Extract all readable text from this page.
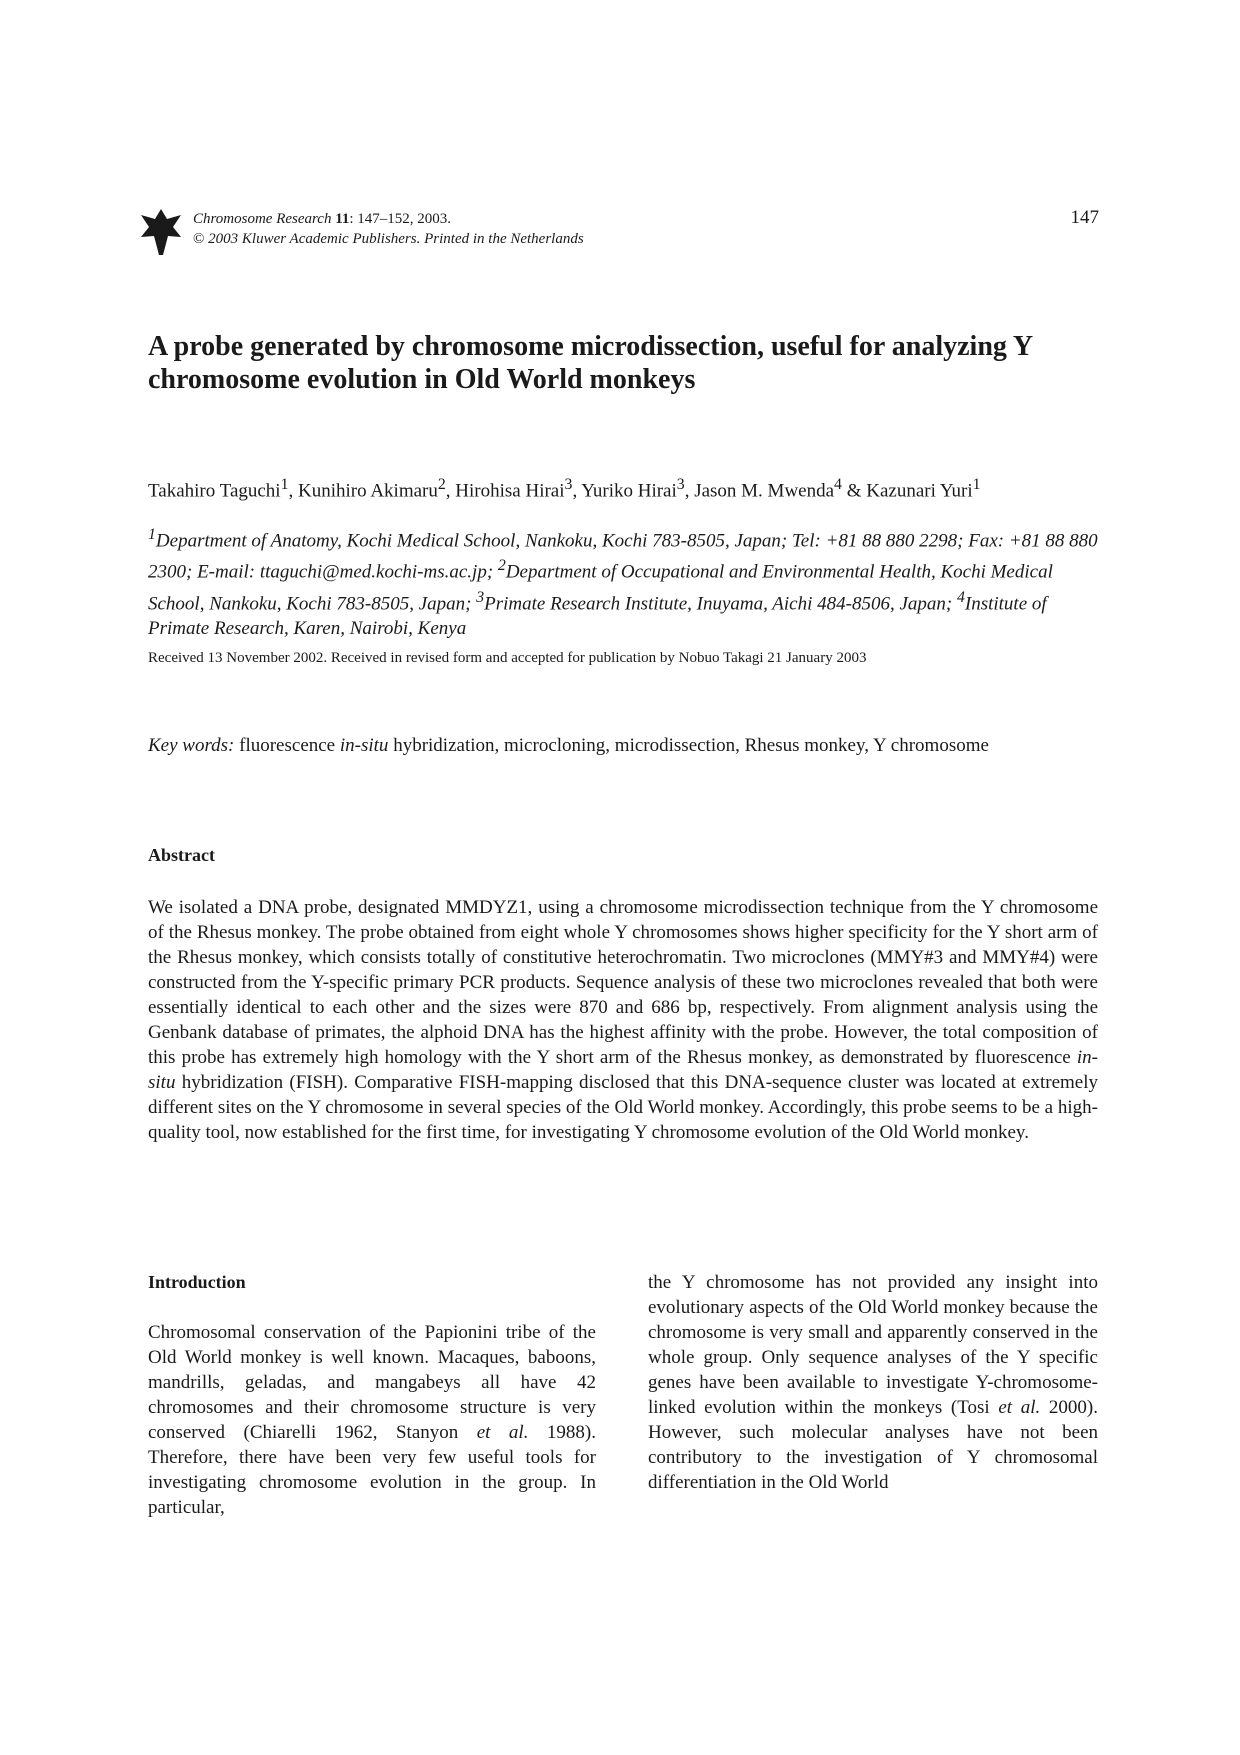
Chromosome Research 11: 147–152, 2003.
© 2003 Kluwer Academic Publishers. Printed in the Netherlands
147
A probe generated by chromosome microdissection, useful for analyzing Y chromosome evolution in Old World monkeys
Takahiro Taguchi$^1$, Kunihiro Akimaru$^2$, Hirohisa Hirai$^3$, Yuriko Hirai$^3$, Jason M. Mwenda$^4$ & Kazunari Yuri$^1$
$^1$Department of Anatomy, Kochi Medical School, Nankoku, Kochi 783-8505, Japan; Tel: +81 88 880 2298; Fax: +81 88 880 2300; E-mail: ttaguchi@med.kochi-ms.ac.jp; $^2$Department of Occupational and Environmental Health, Kochi Medical School, Nankoku, Kochi 783-8505, Japan; $^3$Primate Research Institute, Inuyama, Aichi 484-8506, Japan; $^4$Institute of Primate Research, Karen, Nairobi, Kenya
Received 13 November 2002. Received in revised form and accepted for publication by Nobuo Takagi 21 January 2003
Key words: fluorescence in-situ hybridization, microcloning, microdissection, Rhesus monkey, Y chromosome
Abstract

We isolated a DNA probe, designated MMDYZ1, using a chromosome microdissection technique from the Y chromosome of the Rhesus monkey. The probe obtained from eight whole Y chromosomes shows higher specificity for the Y short arm of the Rhesus monkey, which consists totally of constitutive heterochromatin. Two microclones (MMY#3 and MMY#4) were constructed from the Y-specific primary PCR products. Sequence analysis of these two microclones revealed that both were essentially identical to each other and the sizes were 870 and 686 bp, respectively. From alignment analysis using the Genbank database of primates, the alphoid DNA has the highest affinity with the probe. However, the total composition of this probe has extremely high homology with the Y short arm of the Rhesus monkey, as demonstrated by fluorescence in-situ hybridization (FISH). Comparative FISH-mapping disclosed that this DNA-sequence cluster was located at extremely different sites on the Y chromosome in several species of the Old World monkey. Accordingly, this probe seems to be a high-quality tool, now established for the first time, for investigating Y chromosome evolution of the Old World monkey.

Introduction

Chromosomal conservation of the Papionini tribe of the Old World monkey is well known. Macaques, baboons, mandrills, geladas, and mangabeys all have 42 chromosomes and their chromosome structure is very conserved (Chiarelli 1962, Stanyon et al. 1988). Therefore, there have been very few useful tools for investigating chromosome evolution in the group. In particular,

the Y chromosome has not provided any insight into evolutionary aspects of the Old World monkey because the chromosome is very small and apparently conserved in the whole group. Only sequence analyses of the Y specific genes have been available to investigate Y-chromosome-linked evolution within the monkeys (Tosi et al. 2000). However, such molecular analyses have not been contributory to the investigation of Y chromosomal differentiation in the Old World
